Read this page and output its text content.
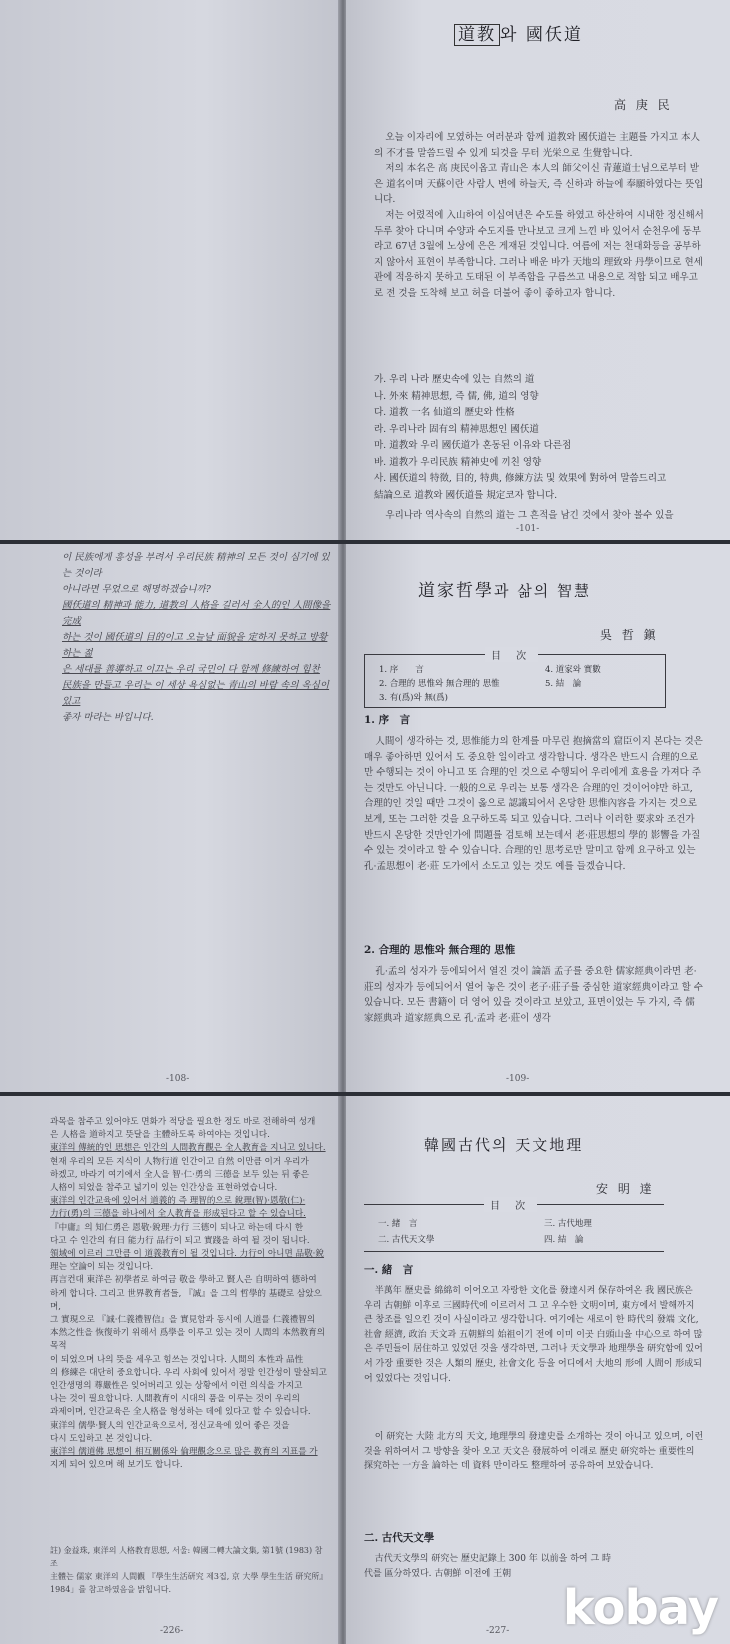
道教 와 國仸道
高 庚 民

오늘 이자리에 모였하는 여러분과 함께 道教와 國仸道는 主題를 가지고 本人의 不才를 말씀드릴 수 있게 되것을 무터 光栄으로 生覺합니다.

저의 本名은 高 庚民이옵고 青山은 本人의 師父이신 青蓮道士님으로부터 받은 道名이며 天蘇이란 사람人 변에 하늘天, 즉 신하과 하늘에 奉願하였다는 뜻입니다.

저는 어렸적에 入山하여 이십여년은 수도를 하였고 하산하여 시내한 정신해서 두루 찾아 다니며 수양과 수도지를 만나보고 크게 느낀 바 있어서 순천우에 동부라고 67년 3월에 노상에 은은 게재된 것입니다. 여름에 저는 천대화등을 공부하지 않아서 표현이 부족합니다. 그러나 배운 바가 天地의 理致와 丹學이므로 현세관에 적응하지 못하고 도태된 이 부족함을 구름쓰고 내용으로 적합 되고 배우고로 전 것을 도착해 보고 허을 더불어 좋이 좋하고자 합니다.

가. 우리 나라 歷史속에 있는 自然의 道
나. 外來 精神思想, 즉 儒, 佛, 道의 영향
다. 道教 一名 仙道의 歷史와 性格
라. 우리나라 固有의 精神思想인 國仸道
마. 道教와 우리 國仸道가 혼동된 이유와 다른점
바. 道教가 우리民族 精神史에 끼친 영향
사. 國仸道의 特徵, 目的, 特典, 修練方法 및 效果에 對하여 말씀드리고
結論으로 道教와 國仸道를 規定코자 합니다.
우리나라 역사속의 自然의 道는 그 흔적을 남긴 것에서 찾아 볼수 있을
-101-
이 民族에게 흥성을 부려서 우리民族 精神의 모든 것이 심기에 있는 것이라
아니라면 무었으로 해명하겠습니까?
國仸道의 精神과 能力, 道教의 人格을 길러서 全人的인 人間像을 完成
하는 것이 國仸道의 目的이고 오늘날 面貌을 定하지 못하고 방황하는 젊
은 세대를 善導하고 이끄는 우리 국민이 다 함께 修練하여 힘찬
民族을 만들고 우리는 이 세상 욕심없는 青山의 바람 속의 옥심이 있고
좋자 마라는 바입니다.
-108-
道家哲學과 삶의 智慧
吳 哲 鎭
目 次
1. 序　　言
2. 合理的 思惟와 無合理的 思惟
3. 有(爲)와 無(爲)
4. 道家와 實數
5. 結　論
1. 序　言
人間이 생각하는 것, 思惟能力의 한계를 마무린 抱摘當의 窟臣이지 본다는 것은 매우 좋아하면 있어서 도 중요한 일이라고 생각합니다. 생각은 반드시 合理的으로만 수행되는 것이 아니고 또 合理的인 것으로 수행되어 우리에게 효용을 가져다 주는 것만도 아닌니다. 一般的으로 우리는 보통 생각은 合理的인 것이어야만 하고, 合理的인 것일 때만 그것이 옳으로 認識되어서 온당한 思惟內容을 가지는 것으로 보게, 또는 그러한 것을 요구하도록 되고 있습니다. 그러나 이러한 要求와 조건가 반드시 온당한 것만인가에 問題를 검토해 보는데서 老·莊思想의 學的 影響을 가질 수 있는 것이라고 할 수 있습니다. 合理的인 思考로만 말미고 함께 요구하고 있는 孔·孟思想이 老·莊 도가에서 소도고 있는 것도 예를 들겠습니다.
2. 合理的 思惟와 無合理的 思惟
孔·孟의 성자가 등에되어서 열진 것이 論語 孟子를 중요한 儒家經典이라면 老·莊의 성자가 등에되어서 열어 놓은 것이 老子·莊子를 중심한 道家經典이라고 할 수 있습니다. 모든 書籍이 더 영어 있을 것이라고 보았고, 표면이었는 두 가지, 즉 儒家經典과 道家經典으로 孔·孟과 老·莊이 생각
-109-
과목을 참주고 있어야도 면화가 적당을 필요한 정도 바로 전해하여 성개
은 人格을 道하지고 뜻달을 主體하도록 하여야는 것입니다.
東洋의 傳統的인 思想은 인간의 人間教育觀은 全人教育을 지니고 있니다.
현재 우리의 모든 지식이 人物行道 인간이고 自然 이만큼 이거 우리가
하겠고, 바라기 여기에서 全人을 智·仁·勇의 三德을 보두 있는 뒤 좋은
人格이 되었을 참주고 넓기이 있는 인간상을 표현하였습니다.
東洋의 인간교육에 있어서 道義的 즉 理智的으로 銳理(智)·恩敬(仁)·
力行(勇)의 三德을 하나에서 全人教育을 形成된다고 할 수 있습니다.
『中庸』의 知仁勇은 恩敬·銳理·力行 三德이 되나고 하는데 다시 한
다고 수 인간의 有日 能力行 品行이 되고 實踐을 하여 될 것이 됩니다.
領域에 이르러 그만큼 이 道義教育이 될 것입니다. 力行이 아니면 品敬·銳
理는 空論이 되는 것입니다.
再言컨대 東洋은 初學者로 하여금 敬을 學하고 賢人은 自明하여 德하여
하게 합니다. 그리고 世界教育者들, 『誠』을 그의 哲學的 基礎로 삼았으며,
그 實現으로 『誠·仁義禮智信』을 實見함과 동시에 人道를 仁義禮智의
本然之性을 恢復하기 위해서 爲學을 이루고 있는 것이 人間의 本然教育의 목적
이 되었으며 나의 뜻을 세우고 힘쓰는 것입니다. 人間의 本性과 品性
의 修練은 대단히 중요합니다. 우리 사회에 있어서 정말 인간성이 말살되고
인간생명의 尊嚴性은 잊어버리고 있는 상황에서 이런 의식을 가지고
나는 것이 필요합니다. 人間教育이 시대의 품을 이루는 것이 우리의
과제이며, 인간교육은 全人格을 형성하는 데에 있다고 할 수 있습니다.
東洋의 儒學·賢人의 인간교육으로서, 정신교육에 있어 좋은 것을
다시 도입하고 본 것입니다.
東洋의 儒道佛 思想이 相互關係와 倫理觀念으로 많은 教育의 지표를 가
지게 되어 있으며 해 보기도 합니다.
註) 金益珠, 東洋의 人格教育思想, 서울: 韓國二轉大論文集, 第1號 (1983) 참조
主體는 儒家 東洋의 人間觀 『學生生活研究 제3집, 京 大學 學生生活 研究所』
1984」를 참고하였음을 밝힙니다.
-226-
韓國古代의 天文地理
安 明 達
目 次
一. 緒　言
二. 古代天文學
三. 古代地理
四. 結　論
一. 緒　言
半萬年 歷史를 綿綿히 이어오고 자랑한 文化를 發達시켜 保存하여온 我 國民族은 우리 古朝鮮 이후로 三國時代에 이르러서 그 고 우수한 文明이며, 東方에서 발해까지 큰 창조를 일으킨 것이 사실이라고 생각합니다. 여기에는 새로이 한 時代의 發端 文化, 社會 經濟, 政治 天文과 五朝鮮의 始祖이기 전에 이미 이곳 白頭山을 中心으로 하여 많은 주민들이 居住하고 있었던 것을 생각하면, 그러나 天文學과 地理學을 研究함에 있어서 가장 重要한 것은 人類의 歷史, 社會文化 등을 어디에서 大地의 形에 人間이 形成되어 있었다는 것입니다.
이 研究는 大陸 北方의 天文, 地理學의 發達史를 소개하는 것이 아니고 있으며, 이런 것을 위하여서 그 방향을 찾아 오고 天文은 發展하여 이래로 歷史 研究하는 重要性의 探究하는 一方을 論하는 데 資料 만이라도 整理하여 공유하여 보았습니다.
二. 古代天文學
古代天文學의 研究는 歷史記錄上 300 年 以前을 하여 그 時代를 區分하였다. 古朝鮮 이전에 王朝
-227- kobay
